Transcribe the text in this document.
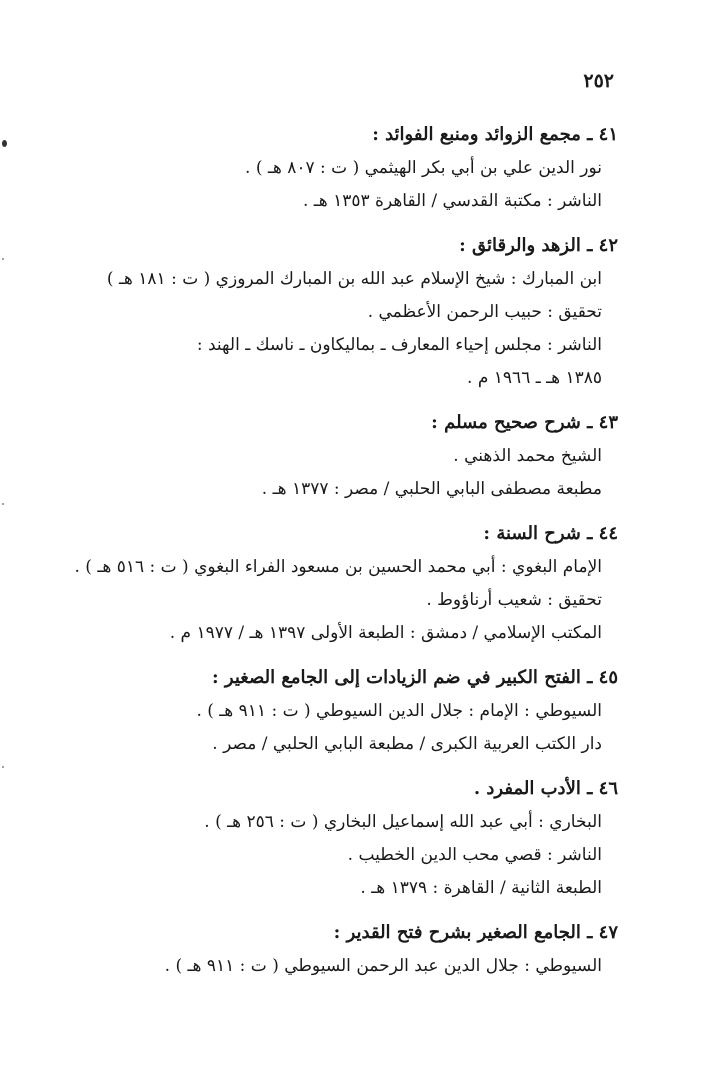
٢٥٢
٤١ ـ مجمع الزوائد ومنبع الفوائد :
نور الدين علي بن أبي بكر الهيثمي ( ت : ٨٠٧ هـ ) .
الناشر : مكتبة القدسي / القاهرة ١٣٥٣ هـ .
٤٢ ـ الزهد والرقائق :
ابن المبارك : شيخ الإسلام عبد الله بن المبارك المروزي ( ت : ١٨١ هـ )
تحقيق : حبيب الرحمن الأعظمي .
الناشر : مجلس إحياء المعارف ـ بماليكاون ـ ناسك ـ الهند :
١٣٨٥ هـ ـ ١٩٦٦ م .
٤٣ ـ شرح صحيح مسلم :
الشيخ محمد الذهني .
مطبعة مصطفى البابي الحلبي / مصر : ١٣٧٧ هـ .
٤٤ ـ شرح السنة :
الإمام البغوي : أبي محمد الحسين بن مسعود الفراء البغوي ( ت : ٥١٦ هـ ) .
تحقيق : شعيب أرناؤوط .
المكتب الإسلامي / دمشق : الطبعة الأولى ١٣٩٧ هـ / ١٩٧٧ م .
٤٥ ـ الفتح الكبير في ضم الزيادات إلى الجامع الصغير :
السيوطي : الإمام : جلال الدين السيوطي ( ت : ٩١١ هـ ) .
دار الكتب العربية الكبرى / مطبعة البابي الحلبي / مصر .
٤٦ ـ الأدب المفرد .
البخاري : أبي عبد الله إسماعيل البخاري ( ت : ٢٥٦ هـ ) .
الناشر : قصي محب الدين الخطيب .
الطبعة الثانية / القاهرة : ١٣٧٩ هـ .
٤٧ ـ الجامع الصغير بشرح فتح القدير :
السيوطي : جلال الدين عبد الرحمن السيوطي ( ت : ٩١١ هـ ) .
